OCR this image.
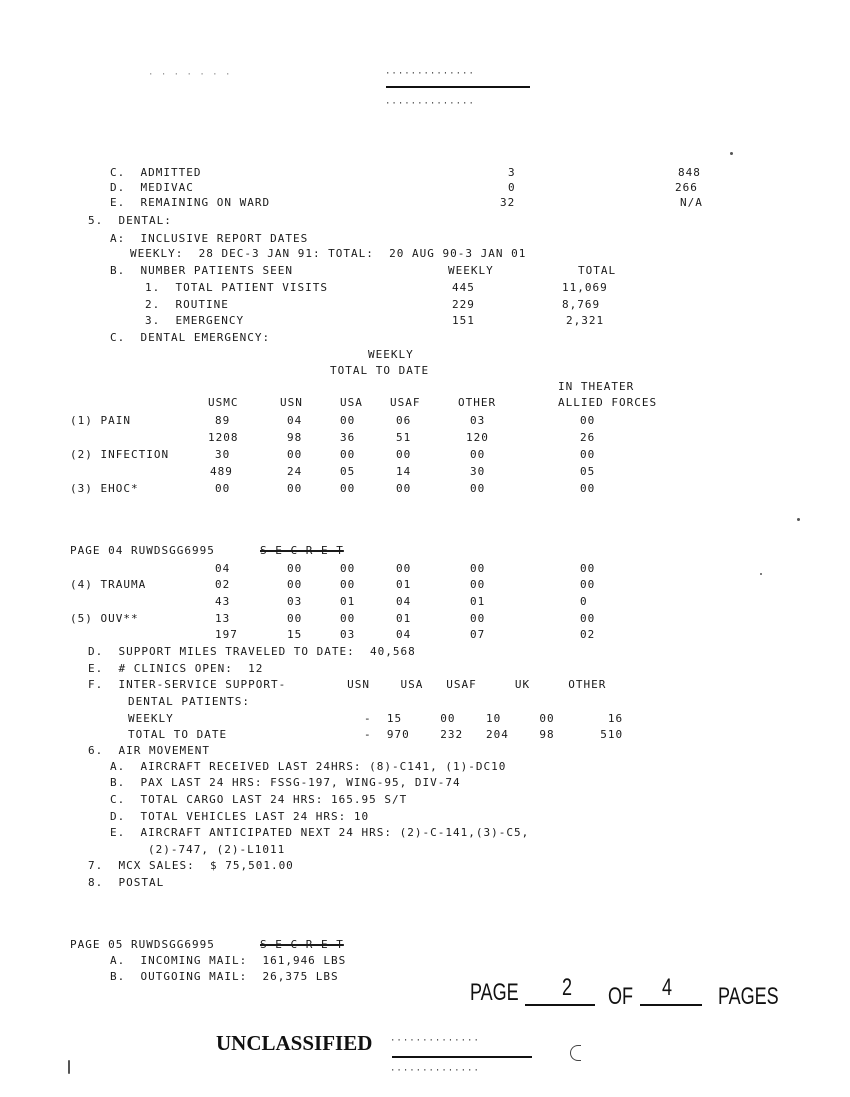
··············
··············
· · · · · · ·
C.  ADMITTED	3	848
D.  MEDIVAC	0	266
E.  REMAINING ON WARD	32	N/A
5.  DENTAL:
A:  INCLUSIVE REPORT DATES
WEEKLY:  28 DEC-3 JAN 91: TOTAL:  20 AUG 90-3 JAN 01
B.  NUMBER PATIENTS SEEN	WEEKLY	TOTAL
1.  TOTAL PATIENT VISITS	445	11,069
2.  ROUTINE	229	8,769
3.  EMERGENCY	151	2,321
C.  DENTAL EMERGENCY:
WEEKLY
TOTAL TO DATE
IN THEATER
USMC	USN	USA USAF	OTHER	ALLIED FORCES
(1) PAIN	89	04	00	06	03	00
1208	98	36	51	120	26
(2) INFECTION	30	00	00	00	00	00
489	24	05	14	30	05
(3) EHOC*	00	00	00	00	00	00
PAGE 04 RUWDSGG6995	S E C R E T
04	00	00	00	00	00
(4) TRAUMA	02	00	00	01	00	00
43	03	01	04	01	0
(5) OUV**	13	00	00	01	00	00
197	15	03	04	07	02
D.  SUPPORT MILES TRAVELED TO DATE:  40,568
E.  # CLINICS OPEN:  12
F.  INTER-SERVICE SUPPORT-        USN    USA   USAF     UK     OTHER
DENTAL PATIENTS:
WEEKLY	-  15     00    10     00       16
TOTAL TO DATE	-  970    232   204    98      510
6.  AIR MOVEMENT
A.  AIRCRAFT RECEIVED LAST 24HRS: (8)-C141, (1)-DC10
B.  PAX LAST 24 HRS: FSSG-197, WING-95, DIV-74
C.  TOTAL CARGO LAST 24 HRS: 165.95 S/T
D.  TOTAL VEHICLES LAST 24 HRS: 10
E.  AIRCRAFT ANTICIPATED NEXT 24 HRS: (2)-C-141,(3)-C5,
(2)-747, (2)-L1011
7.  MCX SALES:  $ 75,501.00
8.  POSTAL
PAGE 05 RUWDSGG6995	S E C R E T
A.  INCOMING MAIL:  161,946 LBS
B.  OUTGOING MAIL:  26,375 LBS
PAGE 2 OF 4 PAGES
UNCLASSIFIED ··············
··············
